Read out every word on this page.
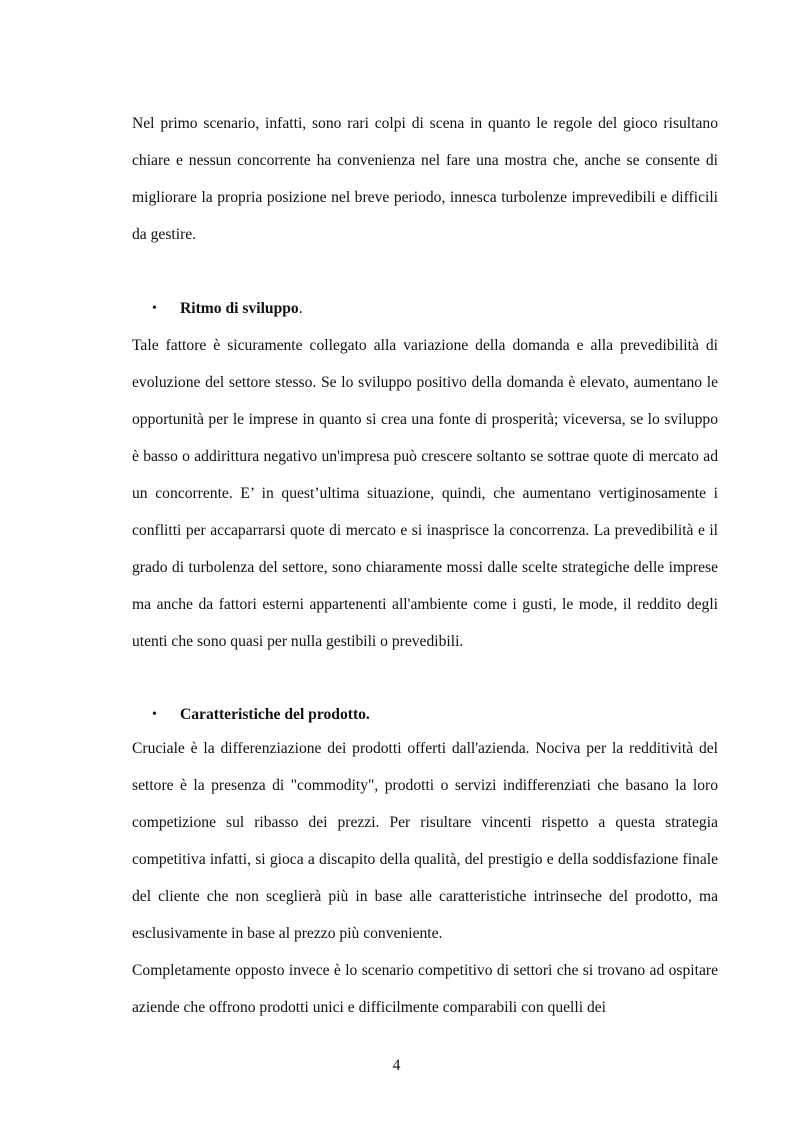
Nel primo scenario, infatti, sono rari colpi di scena in quanto le regole del gioco risultano chiare e nessun concorrente ha convenienza nel fare una mostra che, anche se consente di migliorare la propria posizione nel breve periodo, innesca turbolenze imprevedibili e difficili da gestire.

• Ritmo di sviluppo.

Tale fattore è sicuramente collegato alla variazione della domanda e alla prevedibilità di evoluzione del settore stesso. Se lo sviluppo positivo della domanda è elevato, aumentano le opportunità per le imprese in quanto si crea una fonte di prosperità; viceversa, se lo sviluppo è basso o addirittura negativo un'impresa può crescere soltanto se sottrae quote di mercato ad un concorrente. E’ in quest’ultima situazione, quindi, che aumentano vertiginosamente i conflitti per accaparrarsi quote di mercato e si inasprisce la concorrenza. La prevedibilità e il grado di turbolenza del settore, sono chiaramente mossi dalle scelte strategiche delle imprese ma anche da fattori esterni appartenenti all'ambiente come i gusti, le mode, il reddito degli utenti che sono quasi per nulla gestibili o prevedibili.

• Caratteristiche del prodotto.

Cruciale è la differenziazione dei prodotti offerti dall'azienda. Nociva per la redditività del settore è la presenza di "commodity", prodotti o servizi indifferenziati che basano la loro competizione sul ribasso dei prezzi. Per risultare vincenti rispetto a questa strategia competitiva infatti, si gioca a discapito della qualità, del prestigio e della soddisfazione finale del cliente che non sceglierà più in base alle caratteristiche intrinseche del prodotto, ma esclusivamente in base al prezzo più conveniente.

Completamente opposto invece è lo scenario competitivo di settori che si trovano ad ospitare aziende che offrono prodotti unici e difficilmente comparabili con quelli dei

4
